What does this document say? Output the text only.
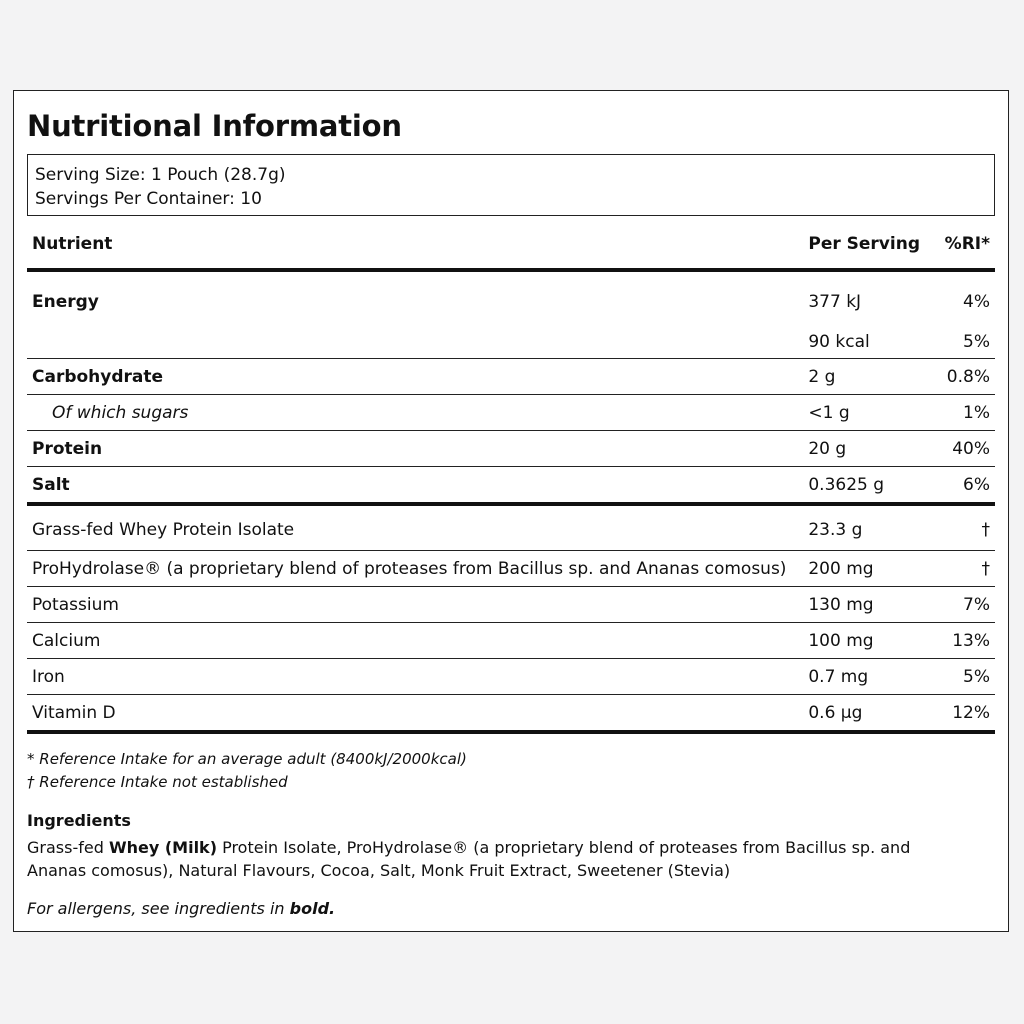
Nutritional Information
Serving Size: 1 Pouch (28.7g)
Servings Per Container: 10
Nutrient	Per Serving	%RI*
Energy	377 kJ	4%
	90 kcal	5%
Carbohydrate	2 g	0.8%
Of which sugars	<1 g	1%
Protein	20 g	40%
Salt	0.3625 g	6%
Grass-fed Whey Protein Isolate	23.3 g	†
ProHydrolase® (a proprietary blend of proteases from Bacillus sp. and Ananas comosus)	200 mg	†
Potassium	130 mg	7%
Calcium	100 mg	13%
Iron	0.7 mg	5%
Vitamin D	0.6 µg	12%
* Reference Intake for an average adult (8400kJ/2000kcal)
† Reference Intake not established
Ingredients
Grass-fed Whey (Milk) Protein Isolate, ProHydrolase® (a proprietary blend of proteases from Bacillus sp. and Ananas comosus), Natural Flavours, Cocoa, Salt, Monk Fruit Extract, Sweetener (Stevia)
For allergens, see ingredients in bold.
